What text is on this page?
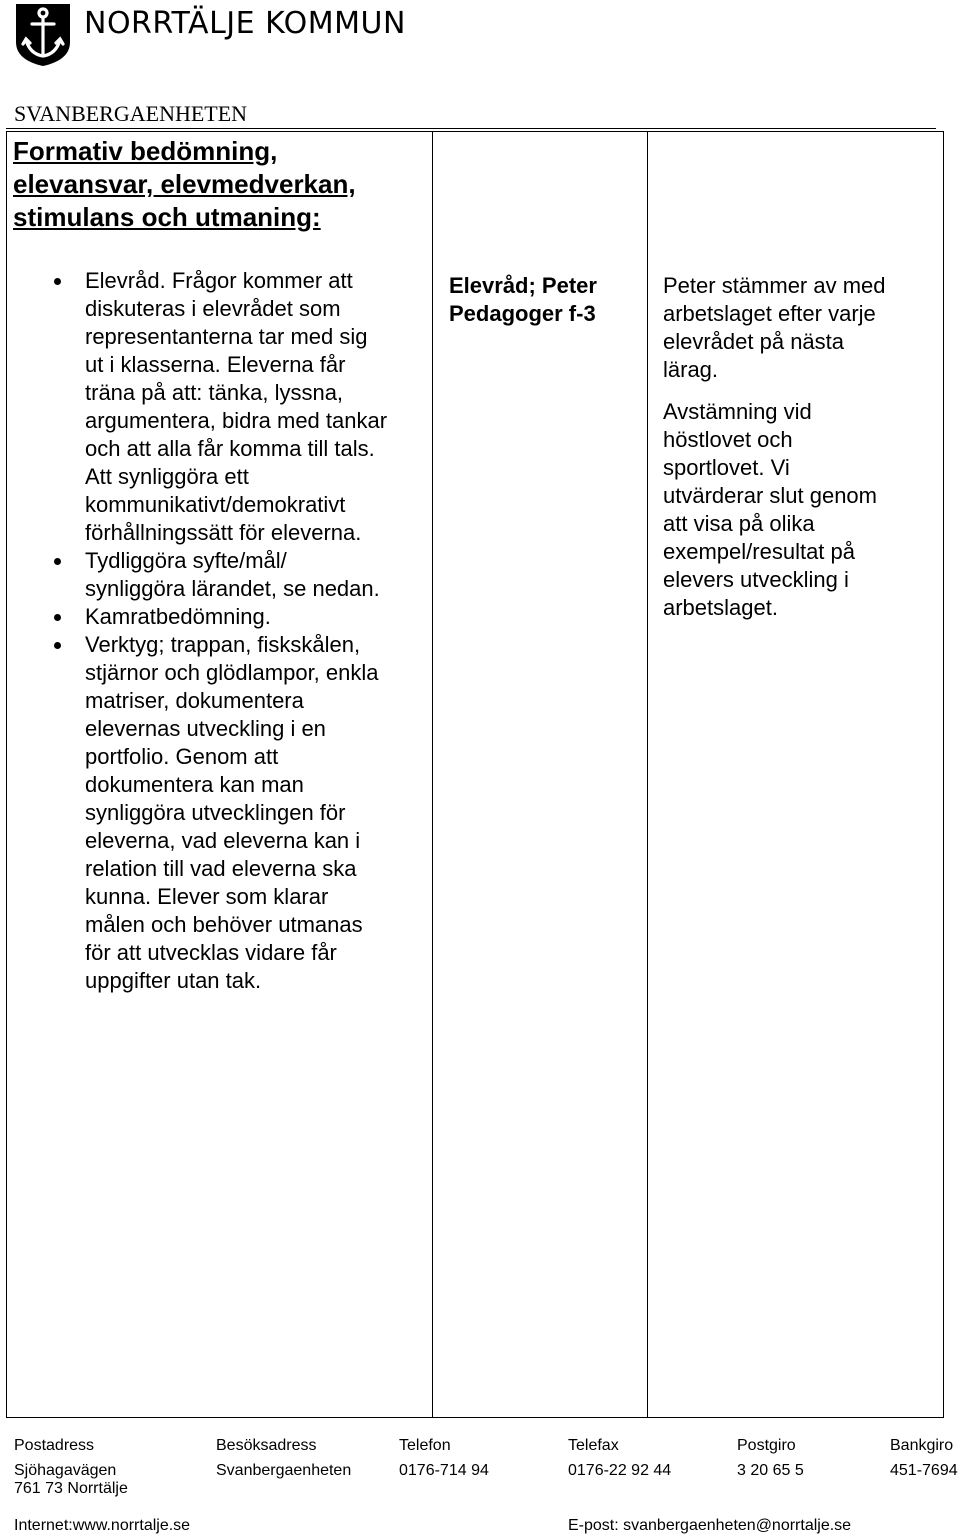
NORRTÄLJE KOMMUN
SVANBERGAENHETEN
Formativ bedömning,
elevansvar, elevmedverkan,
stimulans och utmaning:
Elevråd. Frågor kommer att
diskuteras i elevrådet som
representanterna tar med sig
ut i klasserna. Eleverna får
träna på att: tänka, lyssna,
argumentera, bidra med tankar
och att alla får komma till tals.
Att synliggöra ett
kommunikativt/demokrativt
förhållningssätt för eleverna.
Tydliggöra syfte/mål/
synliggöra lärandet, se nedan.
Kamratbedömning.
Verktyg; trappan, fiskskålen,
stjärnor och glödlampor, enkla
matriser, dokumentera
elevernas utveckling i en
portfolio. Genom att
dokumentera kan man
synliggöra utvecklingen för
eleverna, vad eleverna kan i
relation till vad eleverna ska
kunna. Elever som klarar
målen och behöver utmanas
för att utvecklas vidare får
uppgifter utan tak.
Elevråd; Peter
Pedagoger f-3

Peter stämmer av med
arbetslaget efter varje
elevrådet på nästa
lärag.

Avstämning vid
höstlovet och
sportlovet. Vi
utvärderar slut genom
att visa på olika
exempel/resultat på
elevers utveckling i
arbetslaget.

Postadress
Sjöhagavägen
761 73 Norrtälje
Besöksadress
Svanbergaenheten
Telefon
0176-714 94
Telefax
0176-22 92 44
Postgiro
3 20 65 5
Bankgiro
451-7694
Internet:www.norrtalje.se	E-post: svanbergaenheten@norrtalje.se
